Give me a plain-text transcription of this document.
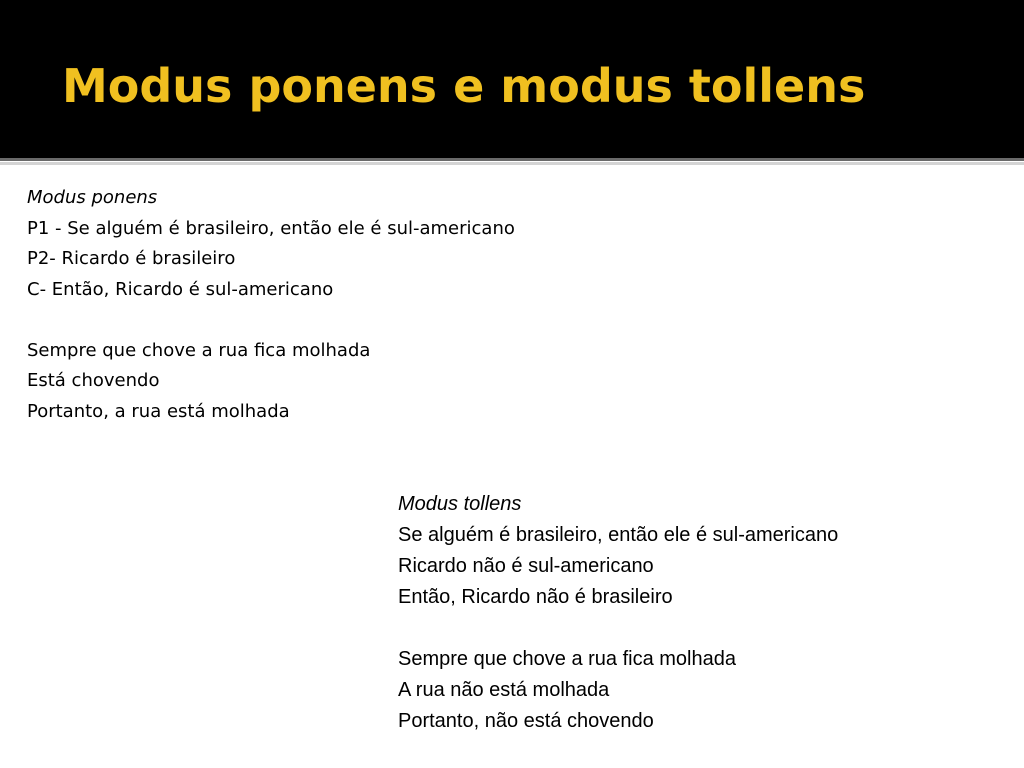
Modus ponens e modus tollens
Modus ponens
P1 - Se alguém é brasileiro, então ele é sul-americano
P2- Ricardo é brasileiro
C- Então, Ricardo é sul-americano
Sempre que chove a rua fica molhada
Está chovendo
Portanto, a rua está molhada
Modus tollens
Se alguém é brasileiro, então ele é sul-americano
Ricardo não é sul-americano
Então, Ricardo não é brasileiro
Sempre que chove a rua fica molhada
A rua não está molhada
Portanto, não está chovendo
